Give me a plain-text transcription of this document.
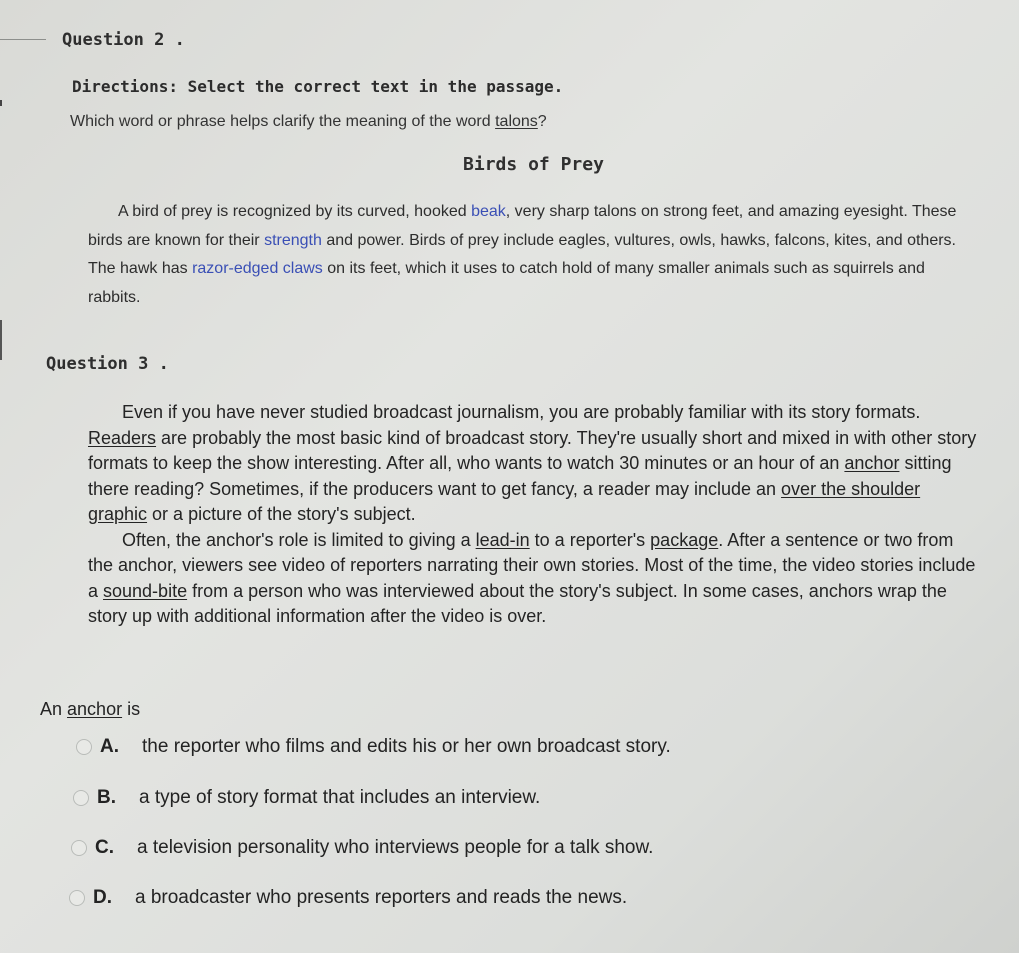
Question 2 .
Directions: Select the correct text in the passage.
Which word or phrase helps clarify the meaning of the word talons?
Birds of Prey

A bird of prey is recognized by its curved, hooked beak, very sharp talons on strong feet, and amazing eyesight. These birds are known for their strength and power. Birds of prey include eagles, vultures, owls, hawks, falcons, kites, and others. The hawk has razor-edged claws on its feet, which it uses to catch hold of many smaller animals such as squirrels and rabbits.

Question 3 .

Even if you have never studied broadcast journalism, you are probably familiar with its story formats. Readers are probably the most basic kind of broadcast story. They're usually short and mixed in with other story formats to keep the show interesting. After all, who wants to watch 30 minutes or an hour of an anchor sitting there reading? Sometimes, if the producers want to get fancy, a reader may include an over the shoulder graphic or a picture of the story's subject.

Often, the anchor's role is limited to giving a lead-in to a reporter's package. After a sentence or two from the anchor, viewers see video of reporters narrating their own stories. Most of the time, the video stories include a sound-bite from a person who was interviewed about the story's subject. In some cases, anchors wrap the story up with additional information after the video is over.

An anchor is
A.	the reporter who films and edits his or her own broadcast story.
B.	a type of story format that includes an interview.
C.	a television personality who interviews people for a talk show.
D.	a broadcaster who presents reporters and reads the news.
